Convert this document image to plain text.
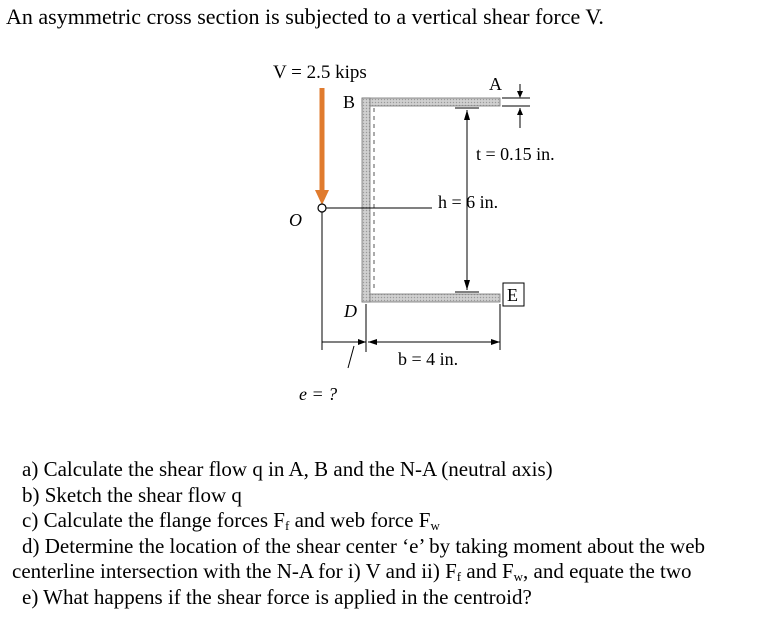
An asymmetric cross section is subjected to a vertical shear force V.
V = 2.5 kips
B
A
O
D
t = 0.15 in.
h = 6 in.
b = 4 in.
e = ?
E
a) Calculate the shear flow q in A, B and the N-A (neutral axis)
b) Sketch the shear flow q
c) Calculate the flange forces $F_f$ and web force $F_w$
d) Determine the location of the shear center ‘e’ by taking moment about the web
centerline intersection with the N-A for i) V and ii) $F_f$ and $F_w$, and equate the two
e) What happens if the shear force is applied in the centroid?
